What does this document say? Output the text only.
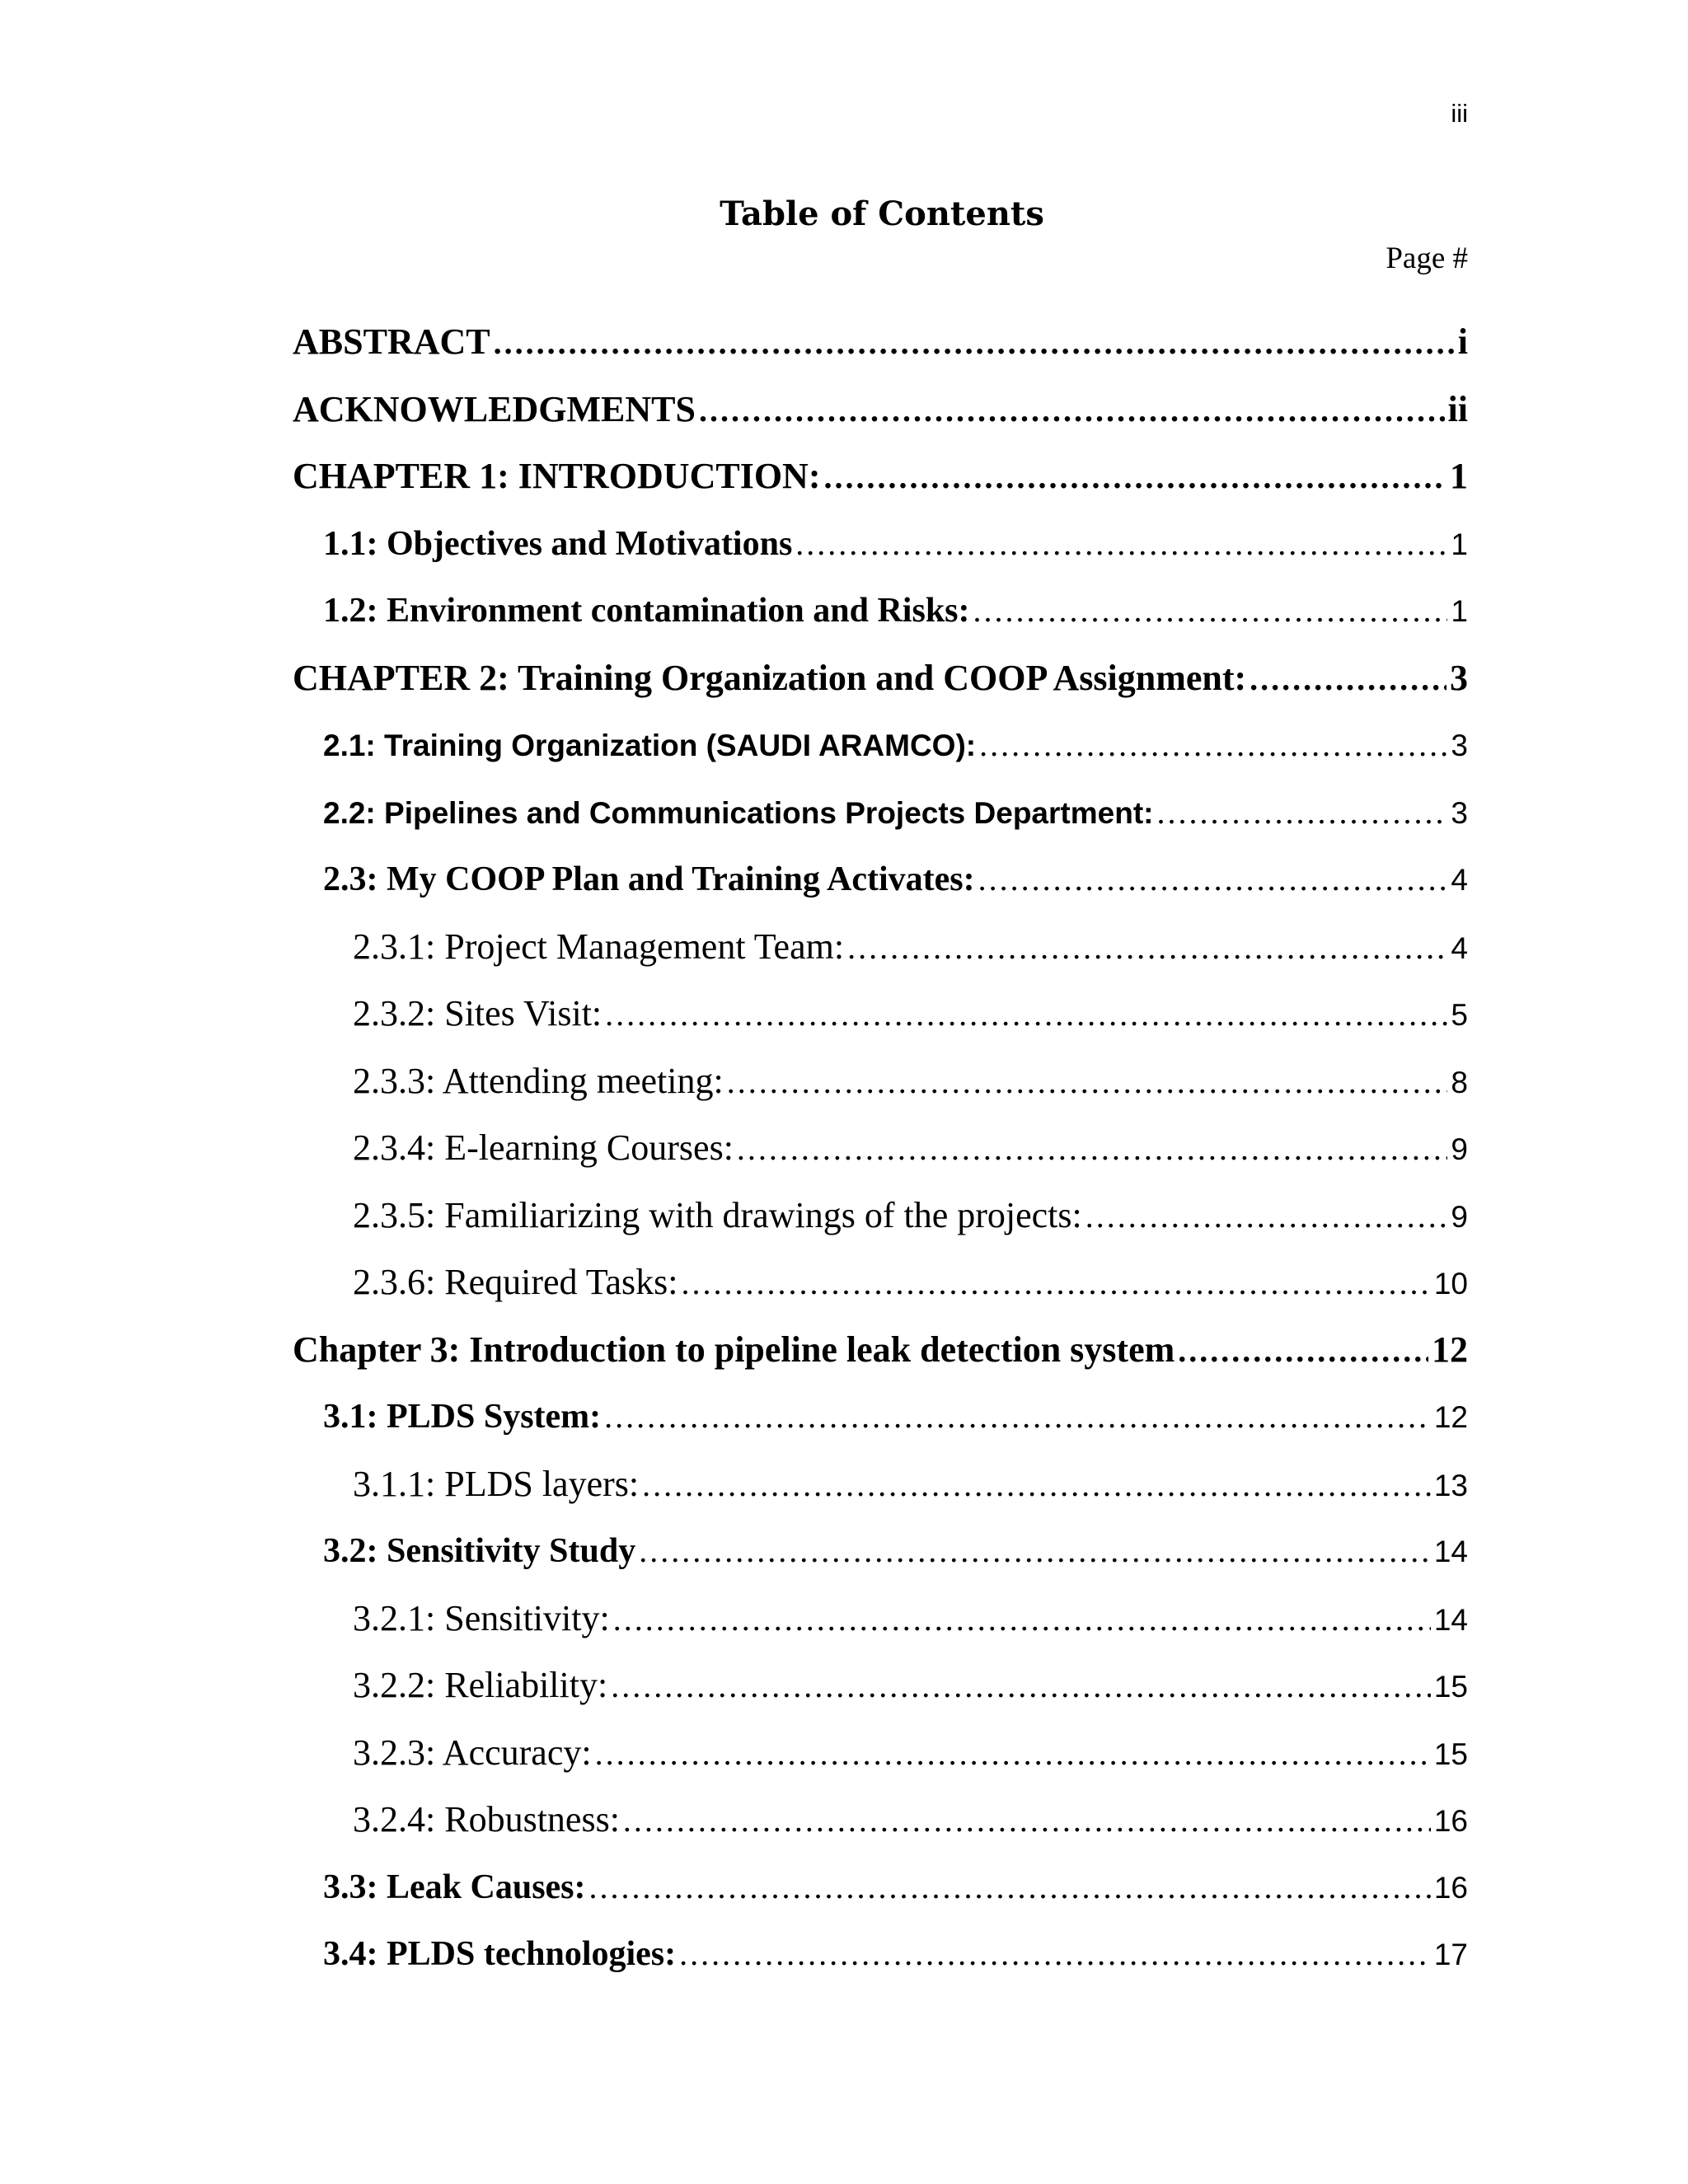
iii
Table of Contents
Page #
ABSTRACT .....	i
ACKNOWLEDGMENTS .....	ii
CHAPTER 1: INTRODUCTION: .....	1
1.1: Objectives and Motivations .....	1
1.2: Environment contamination and Risks: .....	1
CHAPTER 2: Training Organization and COOP Assignment: .....	3
2.1: Training Organization (SAUDI ARAMCO): .....	3
2.2: Pipelines and Communications Projects Department: .....	3
2.3: My COOP Plan and Training Activates: .....	4
2.3.1: Project Management Team: .....	4
2.3.2: Sites Visit: .....	5
2.3.3: Attending meeting: .....	8
2.3.4: E-learning Courses: .....	9
2.3.5: Familiarizing with drawings of the projects: .....	9
2.3.6: Required Tasks: .....	10
Chapter 3: Introduction to pipeline leak detection system .....	12
3.1: PLDS System: .....	12
3.1.1: PLDS layers: .....	13
3.2: Sensitivity Study .....	14
3.2.1: Sensitivity: .....	14
3.2.2: Reliability: .....	15
3.2.3: Accuracy: .....	15
3.2.4: Robustness: .....	16
3.3: Leak Causes: .....	16
3.4: PLDS technologies: .....	17
